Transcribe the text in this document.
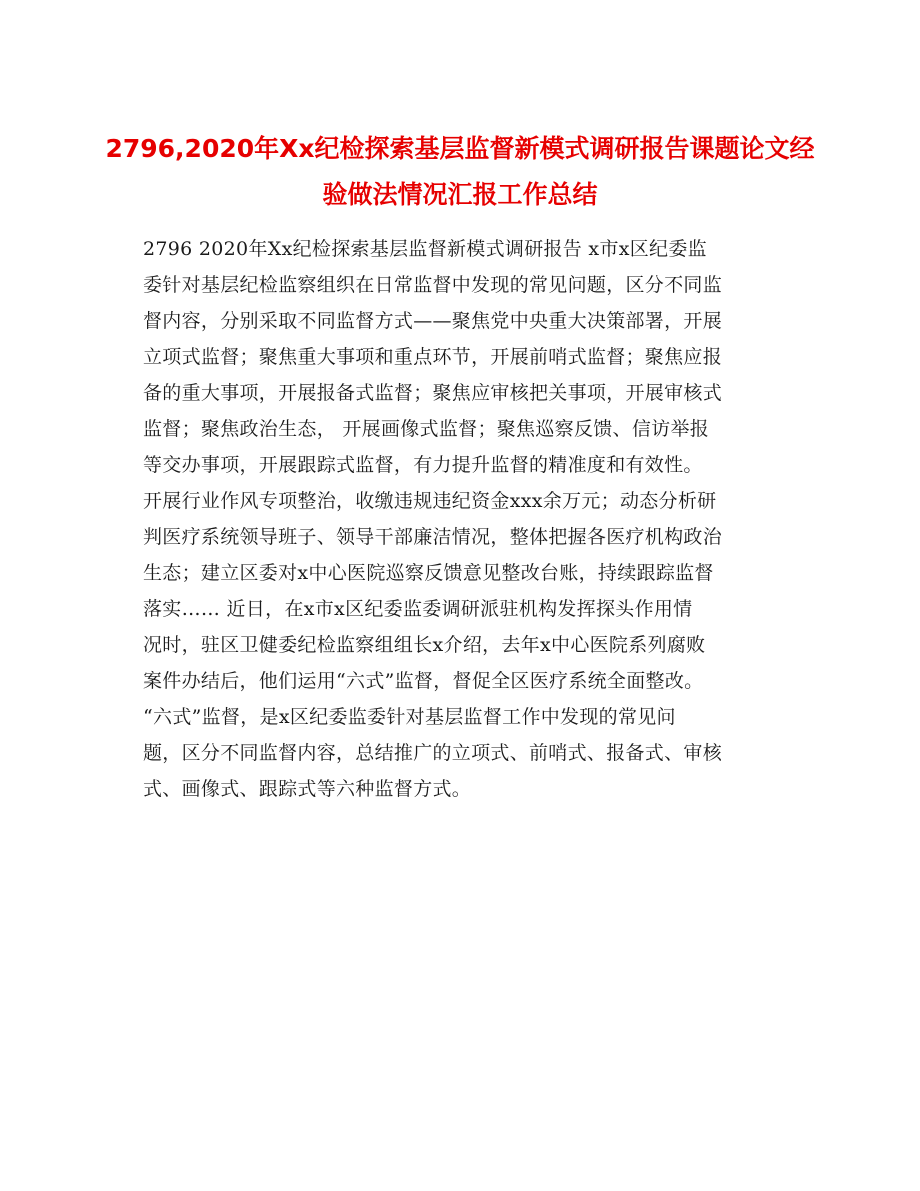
2796,2020年Xx纪检探索基层监督新模式调研报告课题论文经验做法情况汇报工作总结
2796 2020年Xx纪检探索基层监督新模式调研报告 x市x区纪委监
委针对基层纪检监察组织在日常监督中发现的常见问题，区分不同监
督内容，分别采取不同监督方式——聚焦党中央重大决策部署，开展
立项式监督；聚焦重大事项和重点环节，开展前哨式监督；聚焦应报
备的重大事项，开展报备式监督；聚焦应审核把关事项，开展审核式
监督；聚焦政治生态， 开展画像式监督；聚焦巡察反馈、信访举报
等交办事项，开展跟踪式监督，有力提升监督的精准度和有效性。
开展行业作风专项整治，收缴违规违纪资金xxx余万元；动态分析研
判医疗系统领导班子、领导干部廉洁情况，整体把握各医疗机构政治
生态；建立区委对x中心医院巡察反馈意见整改台账，持续跟踪监督
落实…… 近日，在x市x区纪委监委调研派驻机构发挥探头作用情
况时，驻区卫健委纪检监察组组长x介绍，去年x中心医院系列腐败
案件办结后，他们运用“六式”监督，督促全区医疗系统全面整改。
“六式”监督，是x区纪委监委针对基层监督工作中发现的常见问
题，区分不同监督内容，总结推广的立项式、前哨式、报备式、审核
式、画像式、跟踪式等六种监督方式。
